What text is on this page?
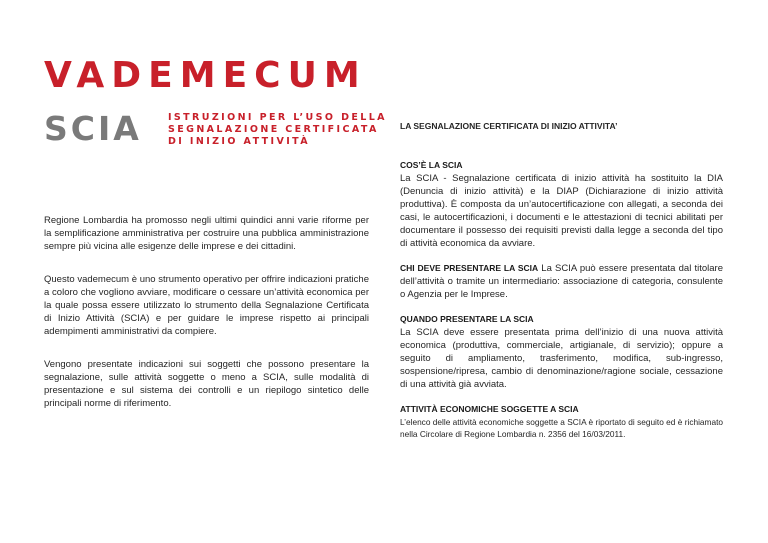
VADEMECUM
SCIA	ISTRUZIONI PER L’USO DELLA
SEGNALAZIONE CERTIFICATA
DI INIZIO ATTIVITÀ

Regione Lombardia ha promosso negli ultimi quindici anni varie riforme per la semplificazione amministrativa per costruire una pubblica amministrazione sempre più vicina alle esigenze delle imprese e dei cittadini.

Questo vademecum è uno strumento operativo per offrire indicazioni pratiche a coloro che vogliono avviare, modificare o cessare un’attività economica per la quale possa essere utilizzato lo strumento della Segnalazione Certificata di Inizio Attività (SCIA) e per guidare le imprese rispetto ai principali adempimenti amministrativi da compiere.

Vengono presentate indicazioni sui soggetti che possono presentare la segnalazione, sulle attività soggette o meno a SCIA, sulle modalità di presentazione e sul sistema dei controlli e un riepilogo sintetico delle principali norme di riferimento.

LA SEGNALAZIONE CERTIFICATA DI INIZIO ATTIVITA’
COS’È LA SCIA

La SCIA - Segnalazione certificata di inizio attività ha sostituito la DIA (Denuncia di inizio attività) e la DIAP (Dichiarazione di inizio attività produttiva). È composta da un’autocertificazione con allegati, a seconda dei casi, le autocertificazioni, i documenti e le attestazioni di tecnici abilitati per documentare il possesso dei requisiti previsti dalla legge a seconda del tipo di attività economica da avviare.

CHI DEVE PRESENTARE LA SCIA La SCIA può essere presentata dal titolare dell’attività o tramite un intermediario: associazione di categoria, consulente o Agenzia per le Imprese.

QUANDO PRESENTARE LA SCIA

La SCIA deve essere presentata prima dell’inizio di una nuova attività economica (produttiva, commerciale, artigianale, di servizio); oppure a seguito di ampliamento, trasferimento, modifica, sub-ingresso, sospensione/ripresa, cambio di denominazione/ragione sociale, cessazione di una attività già avviata.

ATTIVITÀ ECONOMICHE SOGGETTE A SCIA

L’elenco delle attività economiche soggette a SCIA è riportato di seguito ed è richiamato nella Circolare di Regione Lombardia n. 2356 del 16/03/2011.
